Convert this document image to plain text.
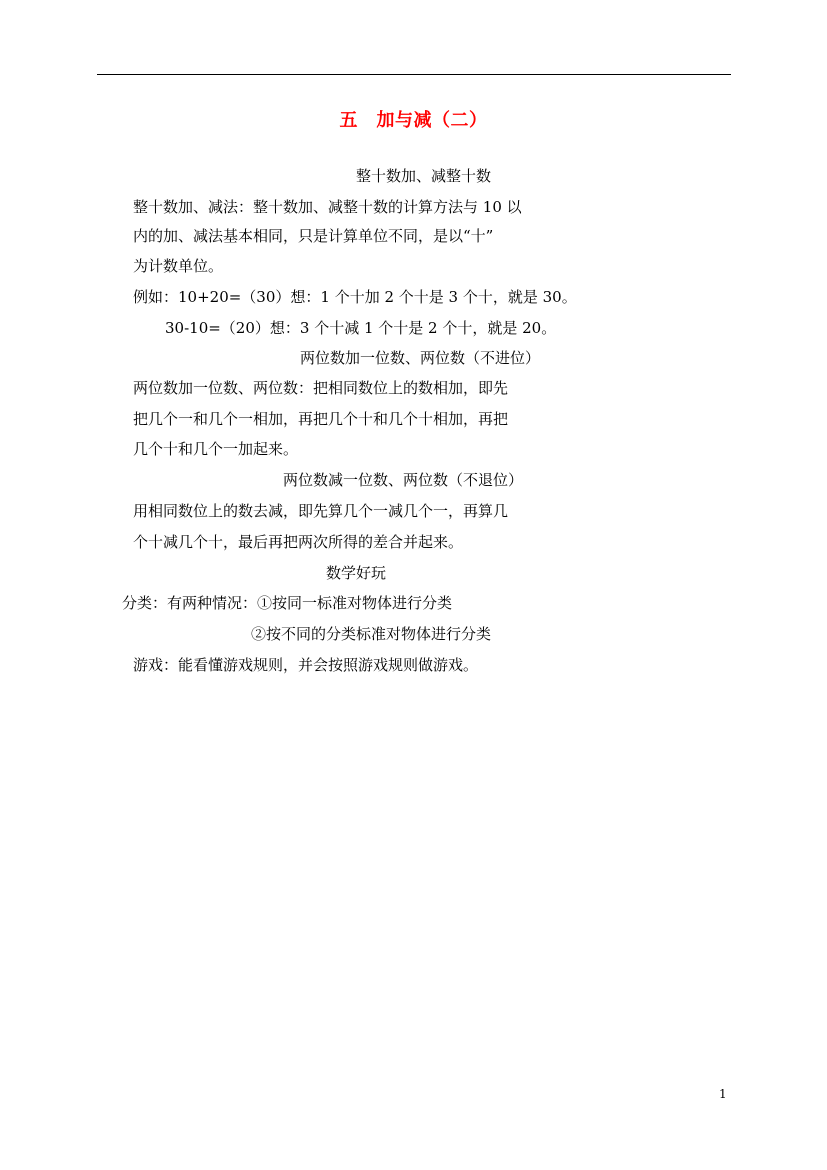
五　加与减（二）
整十数加、减整十数
整十数加、减法：整十数加、减整十数的计算方法与 10 以
内的加、减法基本相同，只是计算单位不同，是以“十”
为计数单位。
例如：10+20=（30）想：1 个十加 2 个十是 3 个十，就是 30。
30-10=（20）想：3 个十减 1 个十是 2 个十，就是 20。
两位数加一位数、两位数（不进位）
两位数加一位数、两位数：把相同数位上的数相加，即先
把几个一和几个一相加，再把几个十和几个十相加，再把
几个十和几个一加起来。
两位数减一位数、两位数（不退位）
用相同数位上的数去减，即先算几个一减几个一，再算几
个十减几个十，最后再把两次所得的差合并起来。
数学好玩
分类：有两种情况：①按同一标准对物体进行分类
②按不同的分类标准对物体进行分类
游戏：能看懂游戏规则，并会按照游戏规则做游戏。
1
